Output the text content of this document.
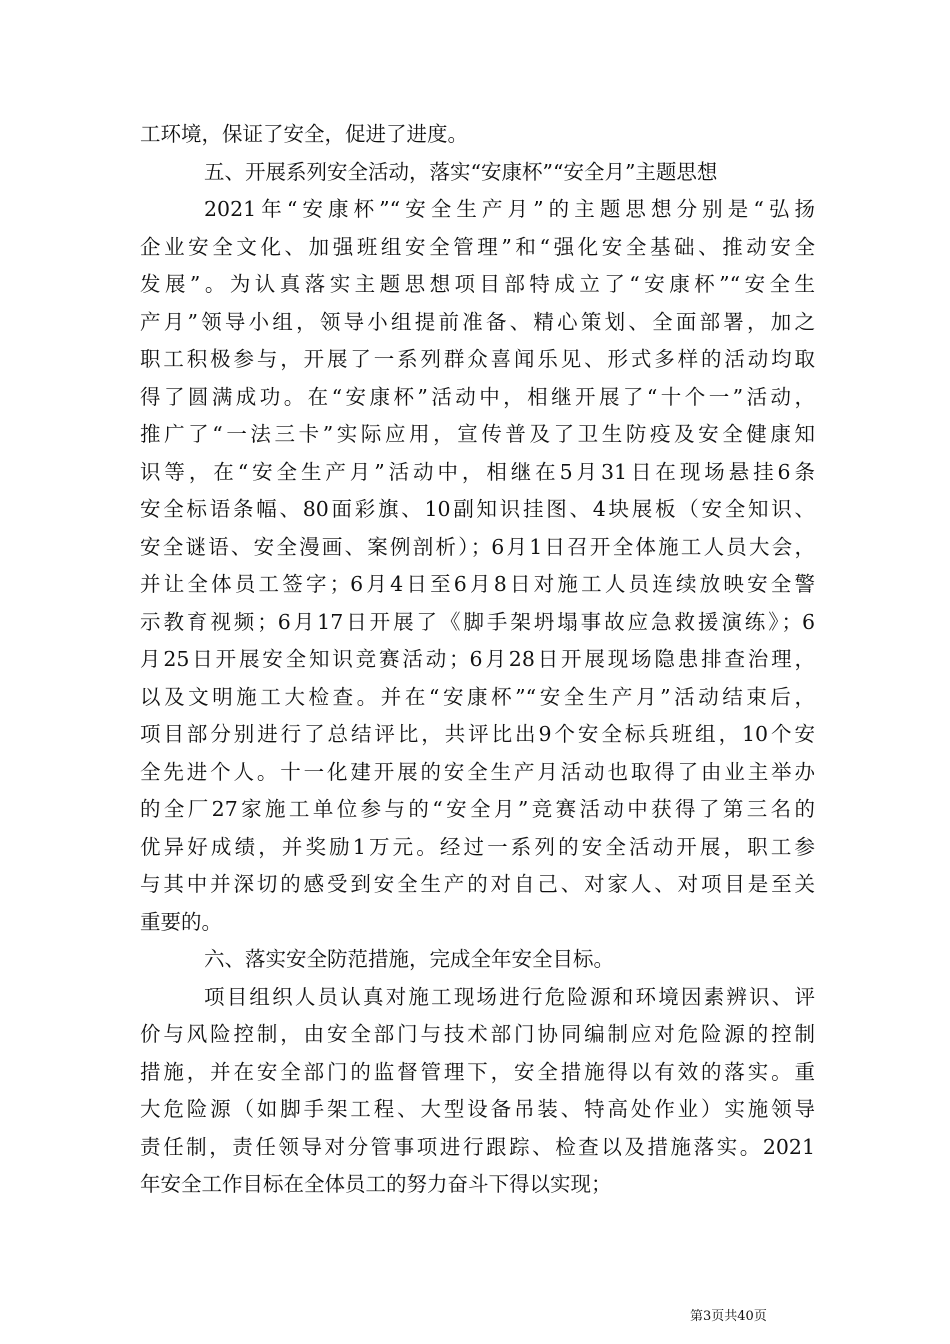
工环境，保证了安全，促进了进度。
五、开展系列安全活动，落实“安康杯”“安全月”主题思想
2021年“安康杯”“安全生产月”的主题思想分别是“弘扬
企业安全文化、加强班组安全管理”和“强化安全基础、推动安全
发展”。为认真落实主题思想项目部特成立了“安康杯”“安全生
产月”领导小组，领导小组提前准备、精心策划、全面部署，加之
职工积极参与，开展了一系列群众喜闻乐见、形式多样的活动均取
得了圆满成功。在“安康杯”活动中，相继开展了“十个一”活动，
推广了“一法三卡”实际应用，宣传普及了卫生防疫及安全健康知
识等，在“安全生产月”活动中，相继在5月31日在现场悬挂6条
安全标语条幅、80面彩旗、10副知识挂图、4块展板（安全知识、
安全谜语、安全漫画、案例剖析）；6月1日召开全体施工人员大会，
并让全体员工签字；6月4日至6月8日对施工人员连续放映安全警
示教育视频；6月17日开展了《脚手架坍塌事故应急救援演练》；6
月25日开展安全知识竞赛活动；6月28日开展现场隐患排查治理，
以及文明施工大检查。并在“安康杯”“安全生产月”活动结束后，
项目部分别进行了总结评比，共评比出9个安全标兵班组，10个安
全先进个人。十一化建开展的安全生产月活动也取得了由业主举办
的全厂27家施工单位参与的“安全月”竞赛活动中获得了第三名的
优异好成绩，并奖励1万元。经过一系列的安全活动开展，职工参
与其中并深切的感受到安全生产的对自己、对家人、对项目是至关
重要的。
六、落实安全防范措施，完成全年安全目标。
项目组织人员认真对施工现场进行危险源和环境因素辨识、评
价与风险控制，由安全部门与技术部门协同编制应对危险源的控制
措施，并在安全部门的监督管理下，安全措施得以有效的落实。重
大危险源（如脚手架工程、大型设备吊装、特高处作业）实施领导
责任制，责任领导对分管事项进行跟踪、检查以及措施落实。2021
年安全工作目标在全体员工的努力奋斗下得以实现；
第3页共40页
